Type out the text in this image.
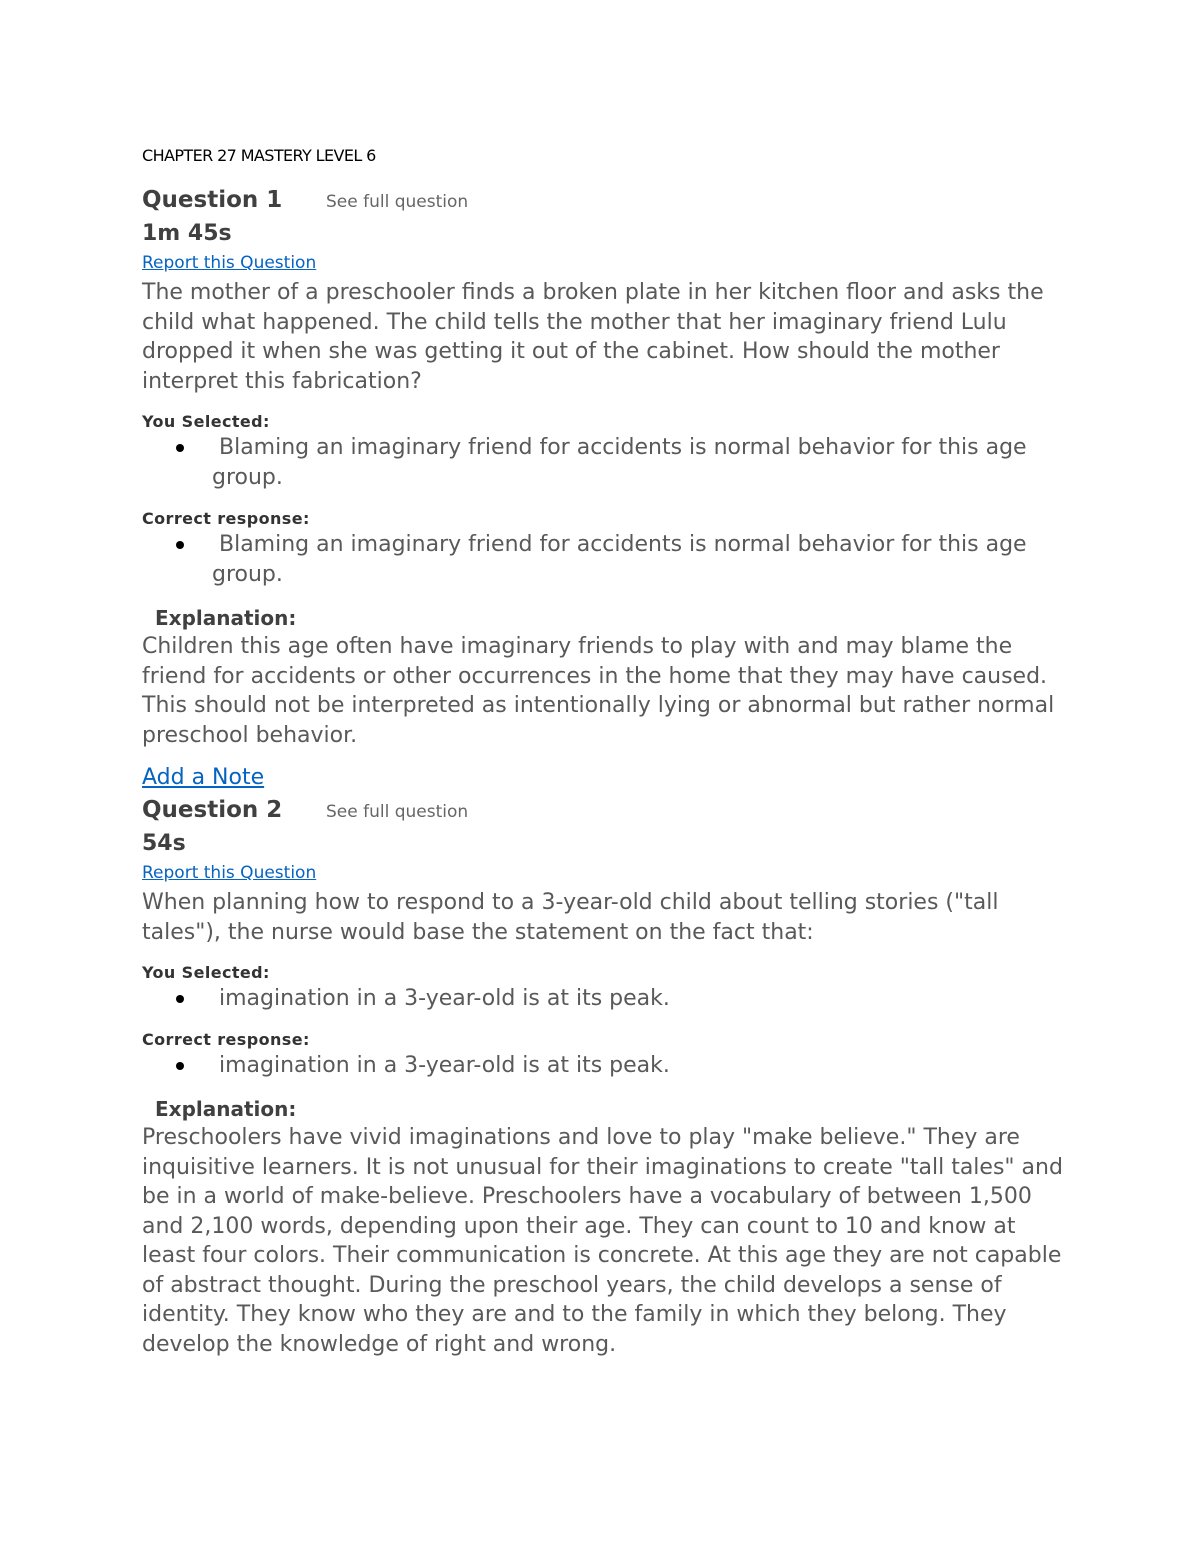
CHAPTER 27 MASTERY LEVEL 6
Question 1	See full question
1m 45s
Report this Question

The mother of a preschooler finds a broken plate in her kitchen floor and asks the child what happened. The child tells the mother that her imaginary friend Lulu dropped it when she was getting it out of the cabinet. How should the mother interpret this fabrication?

You Selected:
Blaming an imaginary friend for accidents is normal behavior for this age group.
Correct response:
Blaming an imaginary friend for accidents is normal behavior for this age group.
Explanation:

Children this age often have imaginary friends to play with and may blame the friend for accidents or other occurrences in the home that they may have caused. This should not be interpreted as intentionally lying or abnormal but rather normal preschool behavior.

Add a Note
Question 2	See full question
54s
Report this Question

When planning how to respond to a 3-year-old child about telling stories ("tall tales"), the nurse would base the statement on the fact that:

You Selected:
imagination in a 3-year-old is at its peak.
Correct response:
imagination in a 3-year-old is at its peak.
Explanation:

Preschoolers have vivid imaginations and love to play "make believe." They are inquisitive learners. It is not unusual for their imaginations to create "tall tales" and be in a world of make-believe. Preschoolers have a vocabulary of between 1,500 and 2,100 words, depending upon their age. They can count to 10 and know at least four colors. Their communication is concrete. At this age they are not capable of abstract thought. During the preschool years, the child develops a sense of identity. They know who they are and to the family in which they belong. They develop the knowledge of right and wrong.
